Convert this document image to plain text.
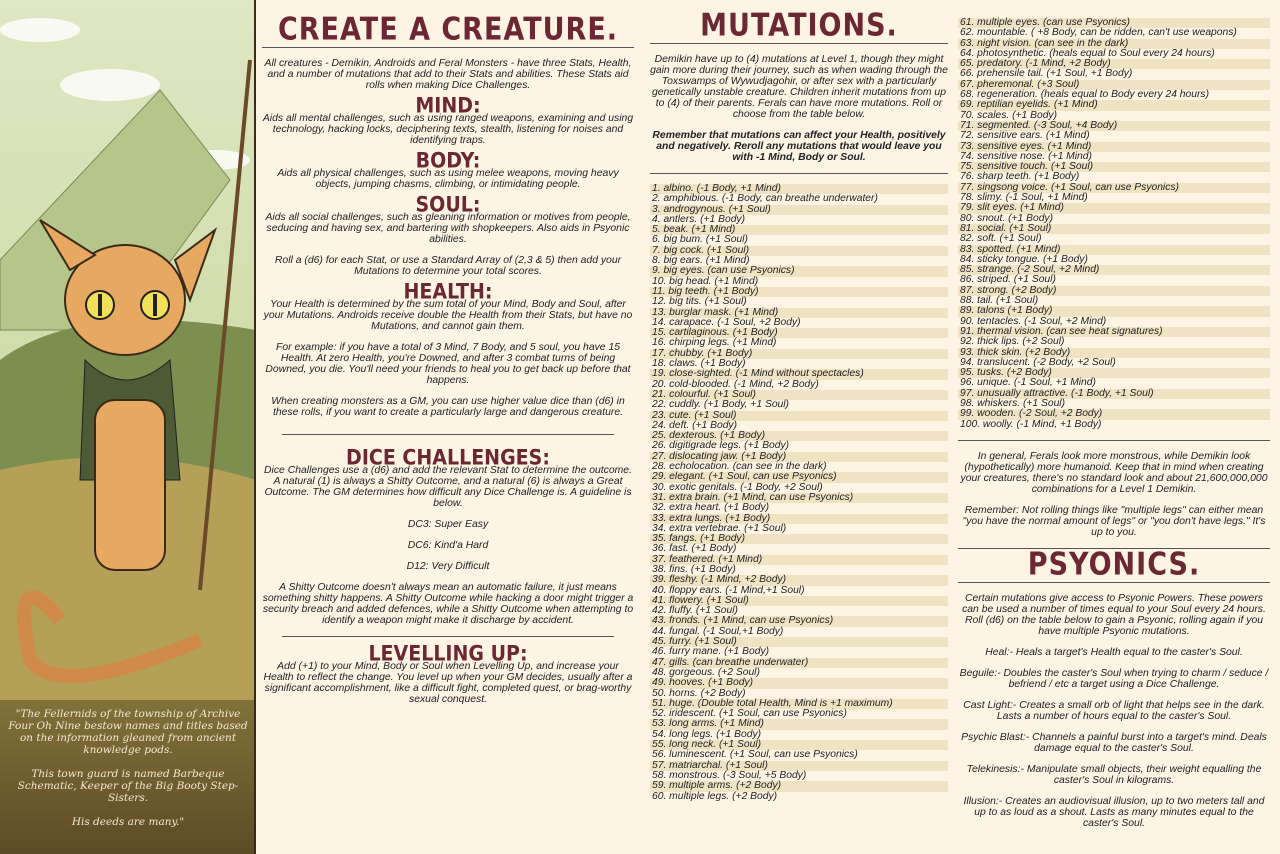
"The Fellernids of the township of Archive Four Oh Nine bestow names and titles based on the information gleaned from ancient knowledge pods.

This town guard is named Barbeque Schematic, Keeper of the Big Booty Step-Sisters.

His deeds are many."

CREATE A CREATURE.

All creatures - Demikin, Androids and Feral Monsters - have three Stats, Health, and a number of mutations that add to their Stats and abilities. These Stats aid rolls when making Dice Challenges.

MIND:

Aids all mental challenges, such as using ranged weapons, examining and using technology, hacking locks, deciphering texts, stealth, listening for noises and identifying traps.

BODY:

Aids all physical challenges, such as using melee weapons, moving heavy objects, jumping chasms, climbing, or intimidating people.

SOUL:

Aids all social challenges, such as gleaning information or motives from people, seducing and having sex, and bartering with shopkeepers. Also aids in Psyonic abilities.

Roll a (d6) for each Stat, or use a Standard Array of (2,3 & 5) then add your Mutations to determine your total scores.

HEALTH:

Your Health is determined by the sum total of your Mind, Body and Soul, after your Mutations. Androids receive double the Health from their Stats, but have no Mutations, and cannot gain them.

For example: if you have a total of 3 Mind, 7 Body, and 5 soul, you have 15 Health. At zero Health, you're Downed, and after 3 combat turns of being Downed, you die. You'll need your friends to heal you to get back up before that happens.

When creating monsters as a GM, you can use higher value dice than (d6) in these rolls, if you want to create a particularly large and dangerous creature.

DICE CHALLENGES:

Dice Challenges use a (d6) and add the relevant Stat to determine the outcome. A natural (1) is always a Shitty Outcome, and a natural (6) is always a Great Outcome. The GM determines how difficult any Dice Challenge is. A guideline is below.

DC3: Super Easy

DC6: Kind'a Hard

D12: Very Difficult

A Shitty Outcome doesn't always mean an automatic failure, it just means something shitty happens. A Shitty Outcome while hacking a door might trigger a security breach and added defences, while a Shitty Outcome when attempting to identify a weapon might make it discharge by accident.

LEVELLING UP:

Add (+1) to your Mind, Body or Soul when Levelling Up, and increase your Health to reflect the change. You level up when your GM decides, usually after a significant accomplishment, like a difficult fight, completed quest, or brag-worthy sexual conquest.

MUTATIONS.

Demikin have up to (4) mutations at Level 1, though they might gain more during their journey, such as when wading through the Toxswamps of Wywudjagohir, or after sex with a particularly genetically unstable creature. Children inherit mutations from up to (4) of their parents. Ferals can have more mutations. Roll or choose from the table below.

Remember that mutations can affect your Health, positively and negatively. Reroll any mutations that would leave you with -1 Mind, Body or Soul.

1. albino. (-1 Body, +1 Mind)
2. amphibious. (-1 Body, can breathe underwater)
3. androgynous. (+1 Soul)
4. antlers. (+1 Body)
5. beak. (+1 Mind)
6. big bum. (+1 Soul)
7. big cock. (+1 Soul)
8. big ears. (+1 Mind)
9. big eyes. (can use Psyonics)
10. big head. (+1 Mind)
11. big teeth. (+1 Body)
12. big tits. (+1 Soul)
13. burglar mask. (+1 Mind)
14. carapace. (-1 Soul, +2 Body)
15. cartilaginous. (+1 Body)
16. chirping legs. (+1 Mind)
17. chubby. (+1 Body)
18. claws. (+1 Body)
19. close-sighted. (-1 Mind without spectacles)
20. cold-blooded. (-1 Mind, +2 Body)
21. colourful. (+1 Soul)
22. cuddly. (+1 Body, +1 Soul)
23. cute. (+1 Soul)
24. deft. (+1 Body)
25. dexterous. (+1 Body)
26. digitigrade legs. (+1 Body)
27. dislocating jaw. (+1 Body)
28. echolocation. (can see in the dark)
29. elegant. (+1 Soul, can use Psyonics)
30. exotic genitals. (-1 Body, +2 Soul)
31. extra brain. (+1 Mind, can use Psyonics)
32. extra heart. (+1 Body)
33. extra lungs. (+1 Body)
34. extra vertebrae. (+1 Soul)
35. fangs. (+1 Body)
36. fast. (+1 Body)
37. feathered. (+1 Mind)
38. fins. (+1 Body)
39. fleshy. (-1 Mind, +2 Body)
40. floppy ears. (-1 Mind,+1 Soul)
41. flowery. (+1 Soul)
42. fluffy. (+1 Soul)
43. fronds. (+1 Mind, can use Psyonics)
44. fungal. (-1 Soul,+1 Body)
45. furry. (+1 Soul)
46. furry mane. (+1 Body)
47. gills. (can breathe underwater)
48. gorgeous. (+2 Soul)
49. hooves. (+1 Body)
50. horns. (+2 Body)
51. huge. (Double total Health, Mind is +1 maximum)
52. iridescent. (+1 Soul, can use Psyonics)
53. long arms. (+1 Mind)
54. long legs. (+1 Body)
55. long neck. (+1 Soul)
56. luminescent. (+1 Soul, can use Psyonics)
57. matriarchal. (+1 Soul)
58. monstrous. (-3 Soul, +5 Body)
59. multiple arms. (+2 Body)
60. multiple legs. (+2 Body)
61. multiple eyes. (can use Psyonics)
62. mountable. ( +8 Body, can be ridden, can't use weapons)
63. night vision. (can see in the dark)
64. photosynthetic. (heals equal to Soul every 24 hours)
65. predatory. (-1 Mind, +2 Body)
66. prehensile tail. (+1 Soul, +1 Body)
67. pheremonal. (+3 Soul)
68. regeneration. (heals equal to Body every 24 hours)
69. reptilian eyelids. (+1 Mind)
70. scales. (+1 Body)
71. segmented. (-3 Soul, +4 Body)
72. sensitive ears. (+1 Mind)
73. sensitive eyes. (+1 Mind)
74. sensitive nose. (+1 Mind)
75. sensitive touch. (+1 Soul)
76. sharp teeth. (+1 Body)
77. singsong voice. (+1 Soul, can use Psyonics)
78. slimy. (-1 Soul, +1 Mind)
79. slit eyes. (+1 Mind)
80. snout. (+1 Body)
81. social. (+1 Soul)
82. soft. (+1 Soul)
83. spotted. (+1 Mind)
84. sticky tongue. (+1 Body)
85. strange. (-2 Soul, +2 Mind)
86. striped. (+1 Soul)
87. strong. (+2 Body)
88. tail. (+1 Soul)
89. talons (+1 Body)
90. tentacles. (-1 Soul, +2 Mind)
91. thermal vision. (can see heat signatures)
92. thick lips. (+2 Soul)
93. thick skin. (+2 Body)
94. translucent. (-2 Body, +2 Soul)
95. tusks. (+2 Body)
96. unique. (-1 Soul, +1 Mind)
97. unusually attractive. (-1 Body, +1 Soul)
98. whiskers. (+1 Soul)
99. wooden. (-2 Soul, +2 Body)
100. woolly. (-1 Mind, +1 Body)

In general, Ferals look more monstrous, while Demikin look (hypothetically) more humanoid. Keep that in mind when creating your creatures, there's no standard look and about 21,600,000,000 combinations for a Level 1 Demikin.

Remember: Not rolling things like "multiple legs" can either mean "you have the normal amount of legs" or "you don't have legs." It's up to you.

PSYONICS.

Certain mutations give access to Psyonic Powers. These powers can be used a number of times equal to your Soul every 24 hours. Roll (d6) on the table below to gain a Psyonic, rolling again if you have multiple Psyonic mutations.

Heal:- Heals a target's Health equal to the caster's Soul.
Beguile:- Doubles the caster's Soul when trying to charm / seduce / befriend / etc a target using a Dice Challenge.
Cast Light:- Creates a small orb of light that helps see in the dark. Lasts a number of hours equal to the caster's Soul.
Psychic Blast:- Channels a painful burst into a target's mind. Deals damage equal to the caster's Soul.
Telekinesis:- Manipulate small objects, their weight equalling the caster's Soul in kilograms.
Illusion:- Creates an audiovisual illusion, up to two meters tall and up to as loud as a shout. Lasts as many minutes equal to the caster's Soul.
